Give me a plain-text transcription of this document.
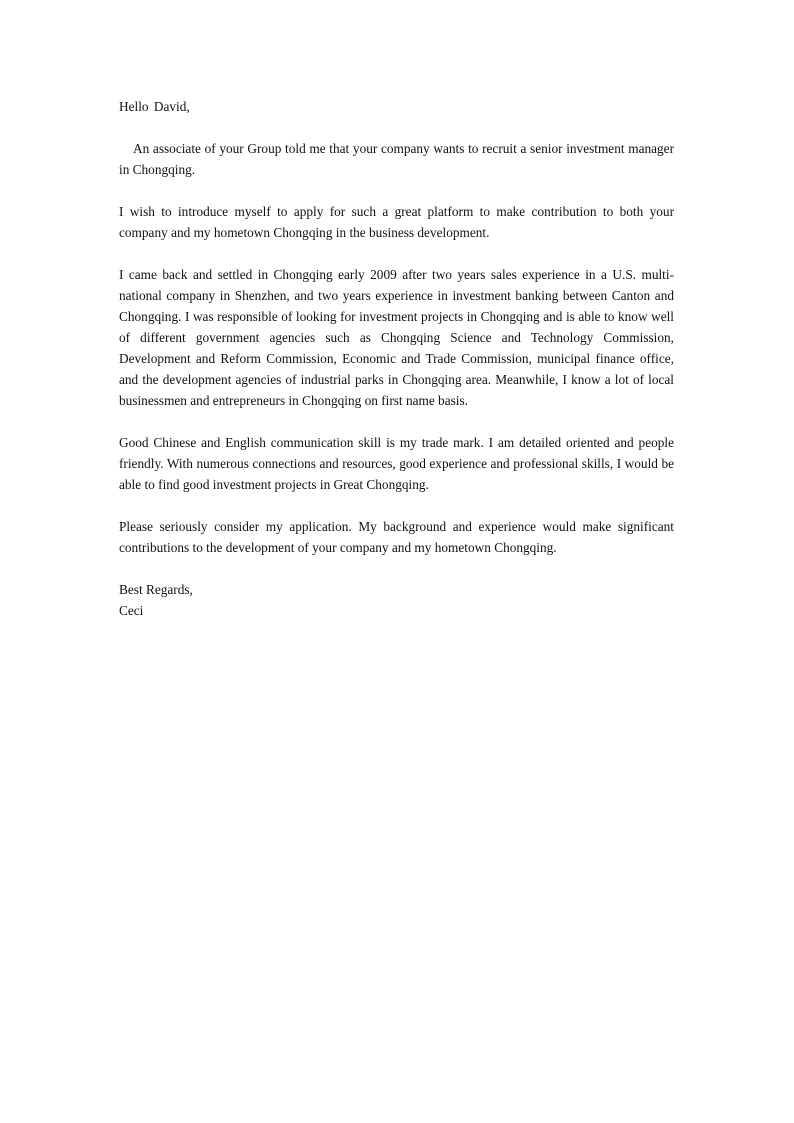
Hello David,

An associate of your Group told me that your company wants to recruit a senior investment manager in Chongqing.

I wish to introduce myself to apply for such a great platform to make contribution to both your company and my hometown Chongqing in the business development.

I came back and settled in Chongqing early 2009 after two years sales experience in a U.S. multi-national company in Shenzhen, and two years experience in investment banking between Canton and Chongqing. I was responsible of looking for investment projects in Chongqing and is able to know well of different government agencies such as Chongqing Science and Technology Commission, Development and Reform Commission, Economic and Trade Commission, municipal finance office, and the development agencies of industrial parks in Chongqing area. Meanwhile, I know a lot of local businessmen and entrepreneurs in Chongqing on first name basis.

Good Chinese and English communication skill is my trade mark. I am detailed oriented and people friendly. With numerous connections and resources, good experience and professional skills, I would be able to find good investment projects in Great Chongqing.

Please seriously consider my application. My background and experience would make significant contributions to the development of your company and my hometown Chongqing.

Best Regards,

Ceci
